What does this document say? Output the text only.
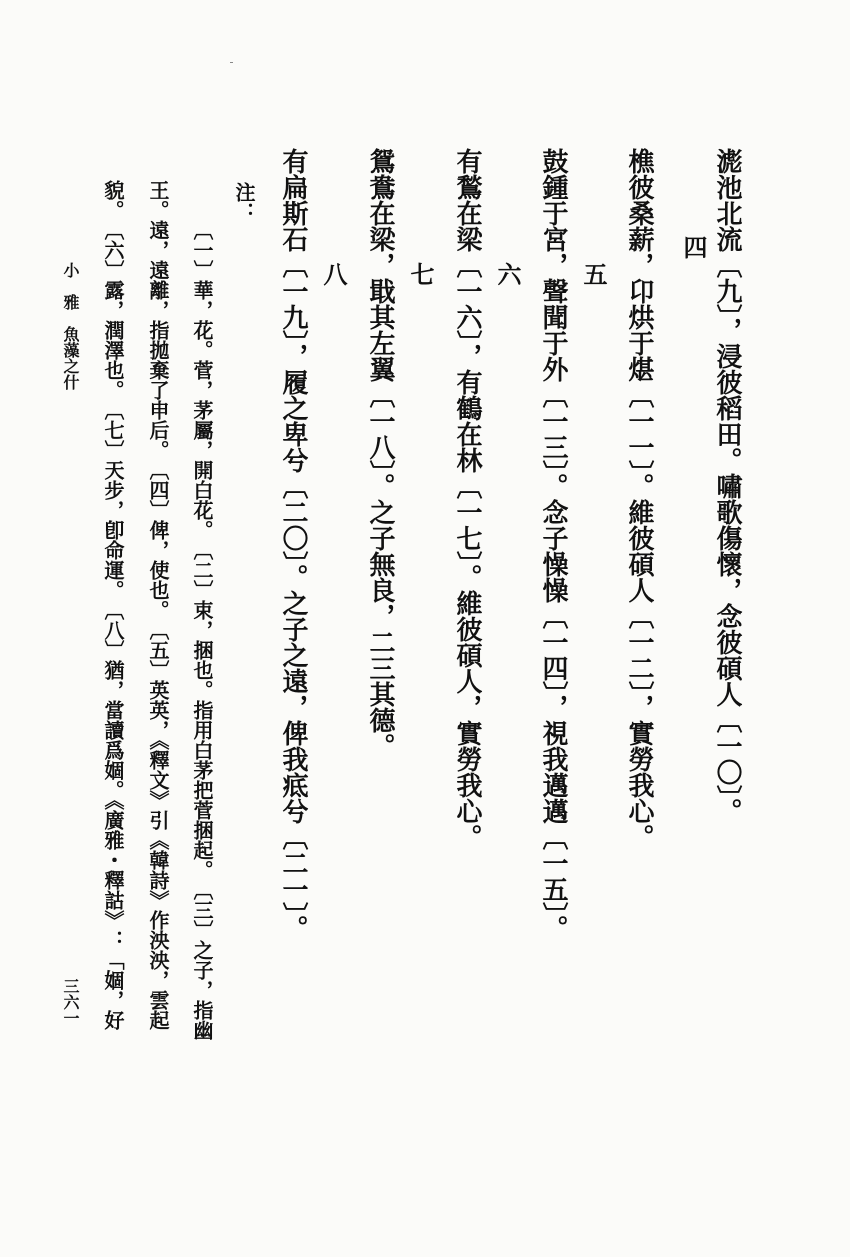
滮池北流〔九〕，浸彼稻田。嘯歌傷懷，念彼碩人〔一〇〕。
四
樵彼桑薪，卬烘于煁〔一一〕。維彼碩人〔一二〕，實勞我心。
五
鼓鍾于宮，聲聞于外〔一三〕。念子懆懆〔一四〕，視我邁邁〔一五〕。
六
有鶖在梁〔一六〕，有鶴在林〔一七〕。維彼碩人，實勞我心。
七
鴛鴦在梁，戢其左翼〔一八〕。之子無良，二三其德。
八
有扁斯石〔一九〕，履之卑兮〔二〇〕。之子之遠，俾我疷兮〔二一〕。
注：
〔一〕華，花。菅，茅屬，開白花。　〔二〕束，捆也。指用白茅把菅捆起。　〔三〕之子，指幽
王。遠，遠離，指拋棄了申后。　〔四〕俾，使也。　〔五〕英英，《釋文》引《韓詩》作泱泱，雲起
貌。　〔六〕露，潤澤也。　〔七〕天步，卽命運。　〔八〕猶，當讀爲婟。《廣雅・釋詁》：「婟，好
小　雅　魚藻之什
三六一
